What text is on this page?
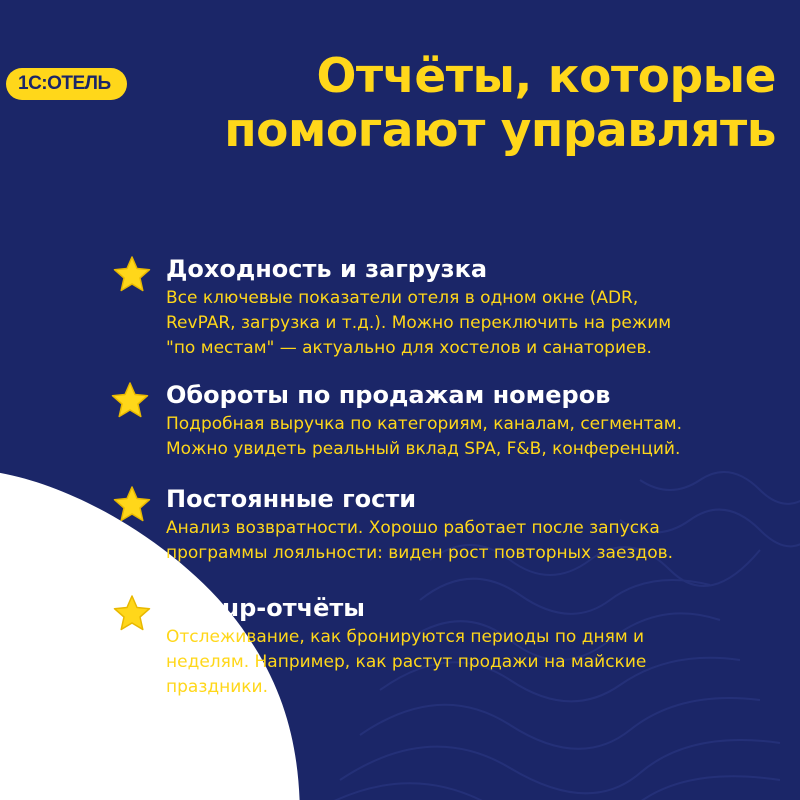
1С:ОТЕЛЬ	Отчёты, которые
помогают управлять
Доходность и загрузка
Все ключевые показатели отеля в одном окне (ADR,
RevPAR, загрузка и т.д.). Можно переключить на режим
"по местам" — актуально для хостелов и санаториев.
Обороты по продажам номеров
Подробная выручка по категориям, каналам, сегментам.
Можно увидеть реальный вклад SPA, F&B, конференций.
Постоянные гости
Анализ возвратности. Хорошо работает после запуска
программы лояльности: виден рост повторных заездов.
Pickup-отчёты
Отслеживание, как бронируются периоды по дням и
неделям. Например, как растут продажи на майские
праздники.
